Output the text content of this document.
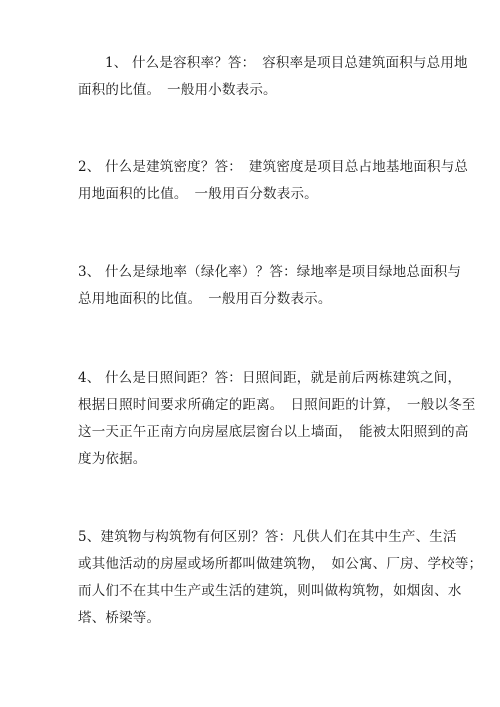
1、 什么是容积率？答：　容积率是项目总建筑面积与总用地

面积的比值。　一般用小数表示。

2、 什么是建筑密度？答：　建筑密度是项目总占地基地面积与总

用地面积的比值。　一般用百分数表示。

3、 什么是绿地率（绿化率）？答：绿地率是项目绿地总面积与

总用地面积的比值。　一般用百分数表示。

4、 什么是日照间距？答：日照间距，就是前后两栋建筑之间，

根据日照时间要求所确定的距离。　日照间距的计算，　一般以冬至

这一天正午正南方向房屋底层窗台以上墙面，　能被太阳照到的高

度为依据。

5、建筑物与构筑物有何区别？答：凡供人们在其中生产、生活

或其他活动的房屋或场所都叫做建筑物，　如公寓、厂房、学校等；

而人们不在其中生产或生活的建筑，则叫做构筑物，如烟囱、水

塔、桥梁等。
